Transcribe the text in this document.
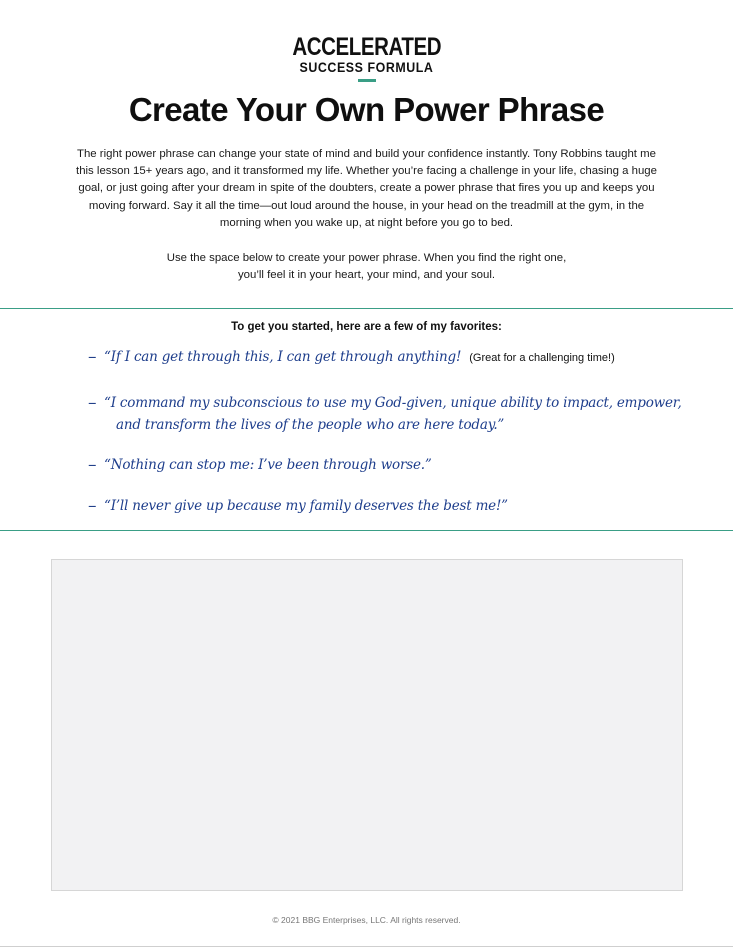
ACCELERATED
SUCCESS FORMULA
Create Your Own Power Phrase

The right power phrase can change your state of mind and build your confidence instantly. Tony Robbins taught me this lesson 15+ years ago, and it transformed my life. Whether you’re facing a challenge in your life, chasing a huge goal, or just going after your dream in spite of the doubters, create a power phrase that fires you up and keeps you moving forward. Say it all the time—out loud around the house, in your head on the treadmill at the gym, in the morning when you wake up, at night before you go to bed.

Use the space below to create your power phrase. When you find the right one,
you’ll feel it in your heart, your mind, and your soul.

To get you started, here are a few of my favorites:
– “If I can get through this, I can get through anything! (Great for a challenging time!)
– “I command my subconscious to use my God-given, unique ability to impact, empower,
and transform the lives of the people who are here today.”
– “Nothing can stop me: I’ve been through worse.”
– “I’ll never give up because my family deserves the best me!”
© 2021 BBG Enterprises, LLC. All rights reserved.
